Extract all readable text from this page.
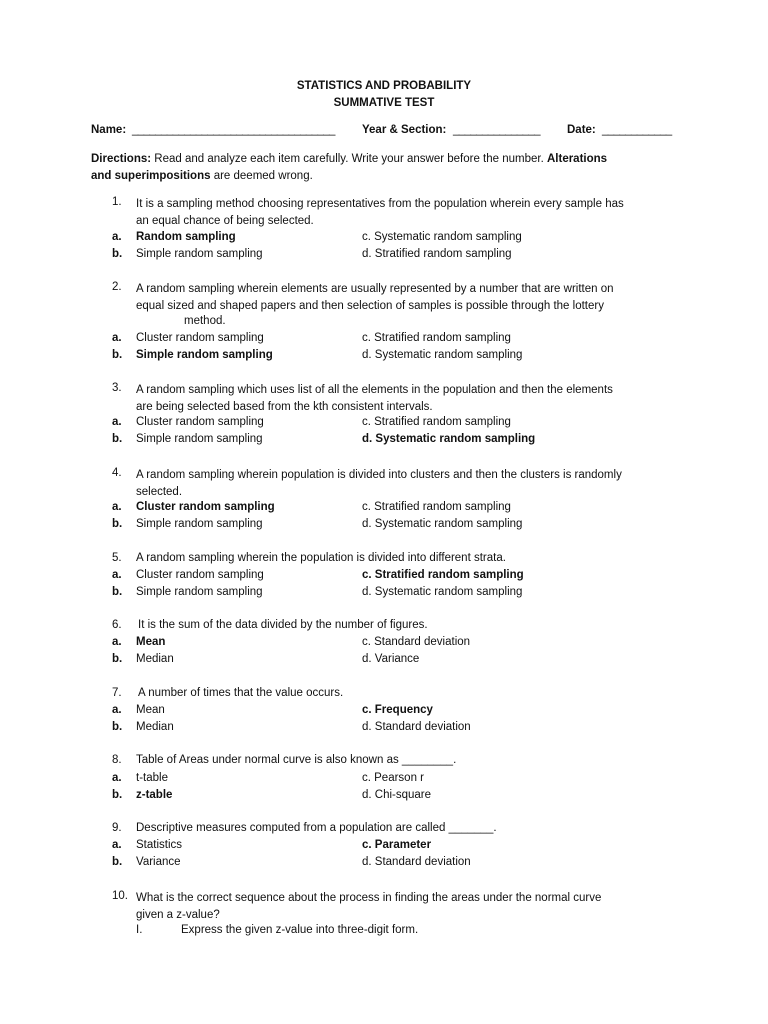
STATISTICS AND PROBABILITY
SUMMATIVE TEST
Name: ___________________________________ Year & Section: _______________ Date: ____________
Directions: Read and analyze each item carefully. Write your answer before the number. Alterations
and superimpositions are deemed wrong.
1. It is a sampling method choosing representatives from the population wherein every sample has
an equal chance of being selected.
a. Random sampling	c. Systematic random sampling
b. Simple random sampling	d. Stratified random sampling
2. A random sampling wherein elements are usually represented by a number that are written on
equal sized and shaped papers and then selection of samples is possible through the lottery
method.
a. Cluster random sampling	c. Stratified random sampling
b. Simple random sampling	d. Systematic random sampling
3. A random sampling which uses list of all the elements in the population and then the elements
are being selected based from the kth consistent intervals.
a. Cluster random sampling	c. Stratified random sampling
b. Simple random sampling	d. Systematic random sampling
4. A random sampling wherein population is divided into clusters and then the clusters is randomly
selected.
a. Cluster random sampling	c. Stratified random sampling
b. Simple random sampling	d. Systematic random sampling
5. A random sampling wherein the population is divided into different strata.
a. Cluster random sampling	c. Stratified random sampling
b. Simple random sampling	d. Systematic random sampling
6. It is the sum of the data divided by the number of figures.
a. Mean	c. Standard deviation
b. Median	d. Variance
7. A number of times that the value occurs.
a. Mean	c. Frequency
b. Median	d. Standard deviation
8. Table of Areas under normal curve is also known as ________.
a. t-table	c. Pearson r
b. z-table	d. Chi-square
9. Descriptive measures computed from a population are called _______.
a. Statistics	c. Parameter
b. Variance	d. Standard deviation
10. What is the correct sequence about the process in finding the areas under the normal curve
given a z-value?
I.	Express the given z-value into three-digit form.
